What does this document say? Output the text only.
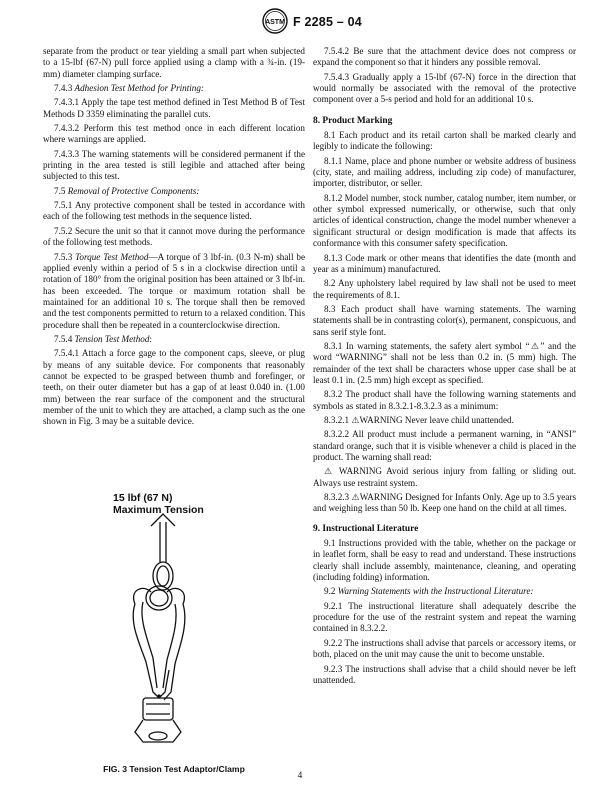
ASTM F 2285 – 04

separate from the product or tear yielding a small part when subjected to a 15-lbf (67-N) pull force applied using a clamp with a ¾-in. (19-mm) diameter clamping surface.

7.4.3 Adhesion Test Method for Printing:

7.4.3.1 Apply the tape test method defined in Test Method B of Test Methods D 3359 eliminating the parallel cuts.

7.4.3.2 Perform this test method once in each different location where warnings are applied.

7.4.3.3 The warning statements will be considered permanent if the printing in the area tested is still legible and attached after being subjected to this test.

7.5 Removal of Protective Components:

7.5.1 Any protective component shall be tested in accordance with each of the following test methods in the sequence listed.

7.5.2 Secure the unit so that it cannot move during the performance of the following test methods.

7.5.3 Torque Test Method—A torque of 3 lbf-in. (0.3 N-m) shall be applied evenly within a period of 5 s in a clockwise direction until a rotation of 180° from the original position has been attained or 3 lbf-in. has been exceeded. The torque or maximum rotation shall be maintained for an additional 10 s. The torque shall then be removed and the test components permitted to return to a relaxed condition. This procedure shall then be repeated in a counterclockwise direction.

7.5.4 Tension Test Method:

7.5.4.1 Attach a force gage to the component caps, sleeve, or plug by means of any suitable device. For components that reasonably cannot be expected to be grasped between thumb and forefinger, or teeth, on their outer diameter but has a gap of at least 0.040 in. (1.00 mm) between the rear surface of the component and the structural member of the unit to which they are attached, a clamp such as the one shown in Fig. 3 may be a suitable device.

15 lbf (67 N)
Maximum Tension
FIG. 3 Tension Test Adaptor/Clamp

7.5.4.2 Be sure that the attachment device does not compress or expand the component so that it hinders any possible removal.

7.5.4.3 Gradually apply a 15-lbf (67-N) force in the direction that would normally be associated with the removal of the protective component over a 5-s period and hold for an additional 10 s.

8. Product Marking

8.1 Each product and its retail carton shall be marked clearly and legibly to indicate the following:

8.1.1 Name, place and phone number or website address of business (city, state, and mailing address, including zip code) of manufacturer, importer, distributor, or seller.

8.1.2 Model number, stock number, catalog number, item number, or other symbol expressed numerically, or otherwise, such that only articles of identical construction, change the model number whenever a significant structural or design modification is made that affects its conformance with this consumer safety specification.

8.1.3 Code mark or other means that identifies the date (month and year as a minimum) manufactured.

8.2 Any upholstery label required by law shall not be used to meet the requirements of 8.1.

8.3 Each product shall have warning statements. The warning statements shall be in contrasting color(s), permanent, conspicuous, and sans serif style font.

8.3.1 In warning statements, the safety alert symbol “⚠” and the word “WARNING” shall not be less than 0.2 in. (5 mm) high. The remainder of the text shall be characters whose upper case shall be at least 0.1 in. (2.5 mm) high except as specified.

8.3.2 The product shall have the following warning statements and symbols as stated in 8.3.2.1-8.3.2.3 as a minimum:

8.3.2.1 ⚠WARNING Never leave child unattended.

8.3.2.2 All product must include a permanent warning, in “ANSI” standard orange, such that it is visible whenever a child is placed in the product. The warning shall read:

⚠ WARNING Avoid serious injury from falling or sliding out. Always use restraint system.

8.3.2.3 ⚠WARNING Designed for Infants Only. Age up to 3.5 years and weighing less than 50 lb. Keep one hand on the child at all times.

9. Instructional Literature

9.1 Instructions provided with the table, whether on the package or in leaflet form, shall be easy to read and understand. These instructions clearly shall include assembly, maintenance, cleaning, and operating (including folding) information.

9.2 Warning Statements with the Instructional Literature:

9.2.1 The instructional literature shall adequately describe the procedure for the use of the restraint system and repeat the warning contained in 8.3.2.2.

9.2.2 The instructions shall advise that parcels or accessory items, or both, placed on the unit may cause the unit to become unstable.

9.2.3 The instructions shall advise that a child should never be left unattended.

4
